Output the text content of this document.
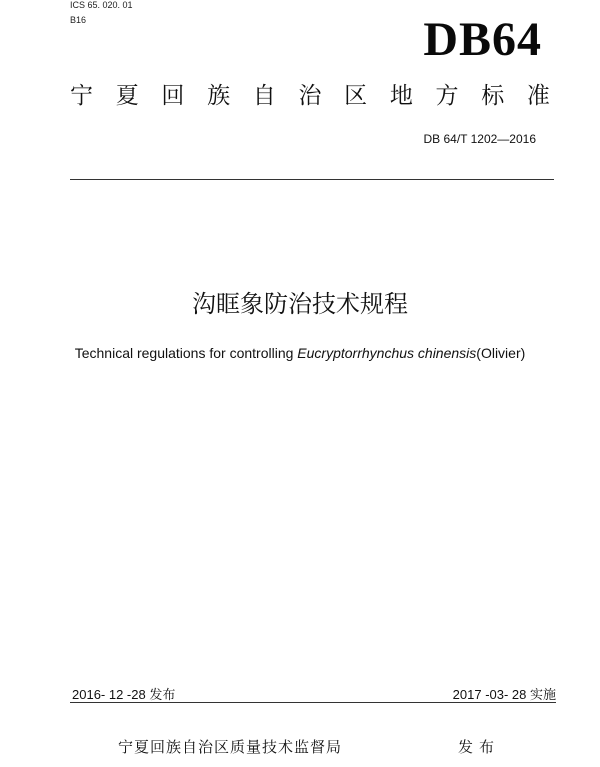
ICS 65. 020. 01
B16	DB64
宁 夏 回 族 自 治 区 地 方 标 准
DB 64/T 1202—2016
沟眶象防治技术规程
Technical regulations for controlling Eucryptorrhynchus chinensis(Olivier)
2016- 12 -28 发布	2017 -03- 28 实施
宁夏回族自治区质量技术监督局	发布
